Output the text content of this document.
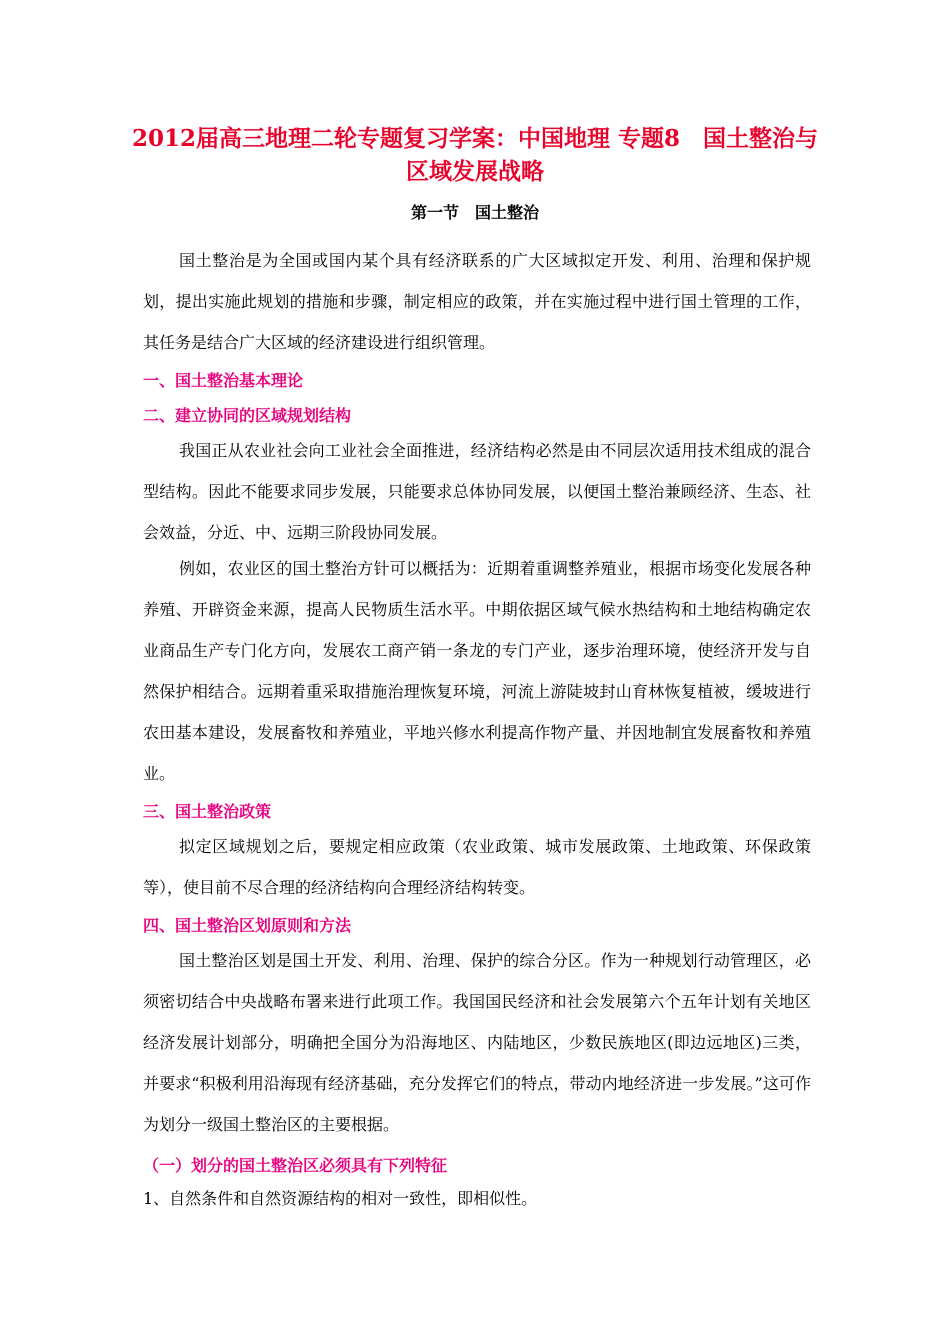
2012届高三地理二轮专题复习学案：中国地理 专题8　国土整治与
区域发展战略
第一节　国土整治
国土整治是为全国或国内某个具有经济联系的广大区域拟定开发、利用、治理和保护规划，提出实施此规划的措施和步骤，制定相应的政策，并在实施过程中进行国土管理的工作，其任务是结合广大区域的经济建设进行组织管理。
一、国土整治基本理论
二、建立协同的区域规划结构
我国正从农业社会向工业社会全面推进，经济结构必然是由不同层次适用技术组成的混合型结构。因此不能要求同步发展，只能要求总体协同发展，以便国土整治兼顾经济、生态、社会效益，分近、中、远期三阶段协同发展。
例如，农业区的国土整治方针可以概括为：近期着重调整养殖业，根据市场变化发展各种养殖、开辟资金来源，提高人民物质生活水平。中期依据区域气候水热结构和土地结构确定农业商品生产专门化方向，发展农工商产销一条龙的专门产业，逐步治理环境，使经济开发与自然保护相结合。远期着重采取措施治理恢复环境，河流上游陡坡封山育林恢复植被，缓坡进行农田基本建设，发展畜牧和养殖业，平地兴修水利提高作物产量、并因地制宜发展畜牧和养殖业。
三、国土整治政策
拟定区域规划之后，要规定相应政策（农业政策、城市发展政策、土地政策、环保政策等），使目前不尽合理的经济结构向合理经济结构转变。
四、国土整治区划原则和方法
国土整治区划是国土开发、利用、治理、保护的综合分区。作为一种规划行动管理区，必须密切结合中央战略布署来进行此项工作。我国国民经济和社会发展第六个五年计划有关地区经济发展计划部分，明确把全国分为沿海地区、内陆地区，少数民族地区(即边远地区)三类，并要求“积极利用沿海现有经济基础，充分发挥它们的特点，带动内地经济进一步发展。”这可作为划分一级国土整治区的主要根据。
（一）划分的国土整治区必须具有下列特征
1、自然条件和自然资源结构的相对一致性，即相似性。
